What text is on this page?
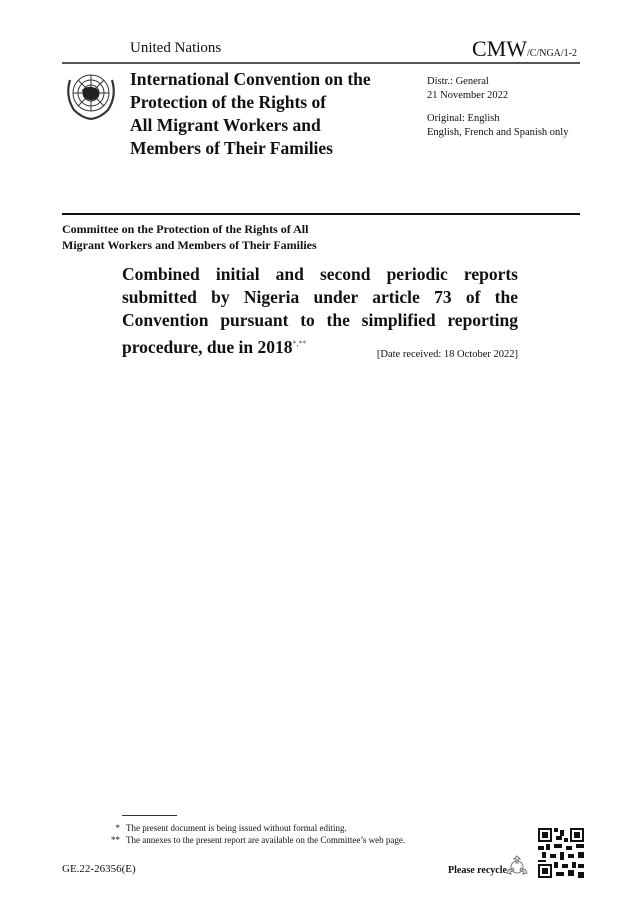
United Nations	CMW/C/NGA/1-2
International Convention on the
Protection of the Rights of
All Migrant Workers and
Members of Their Families
Distr.: General
21 November 2022
Original: English
English, French and Spanish only
Committee on the Protection of the Rights of All
Migrant Workers and Members of Their Families
Combined initial and second periodic reports submitted by Nigeria under article 73 of the Convention pursuant to the simplified reporting procedure, due in 2018*,**
[Date received: 18 October 2022]
* The present document is being issued without formal editing.
** The annexes to the present report are available on the Committee’s web page.
GE.22-26356(E)	Please recycle
